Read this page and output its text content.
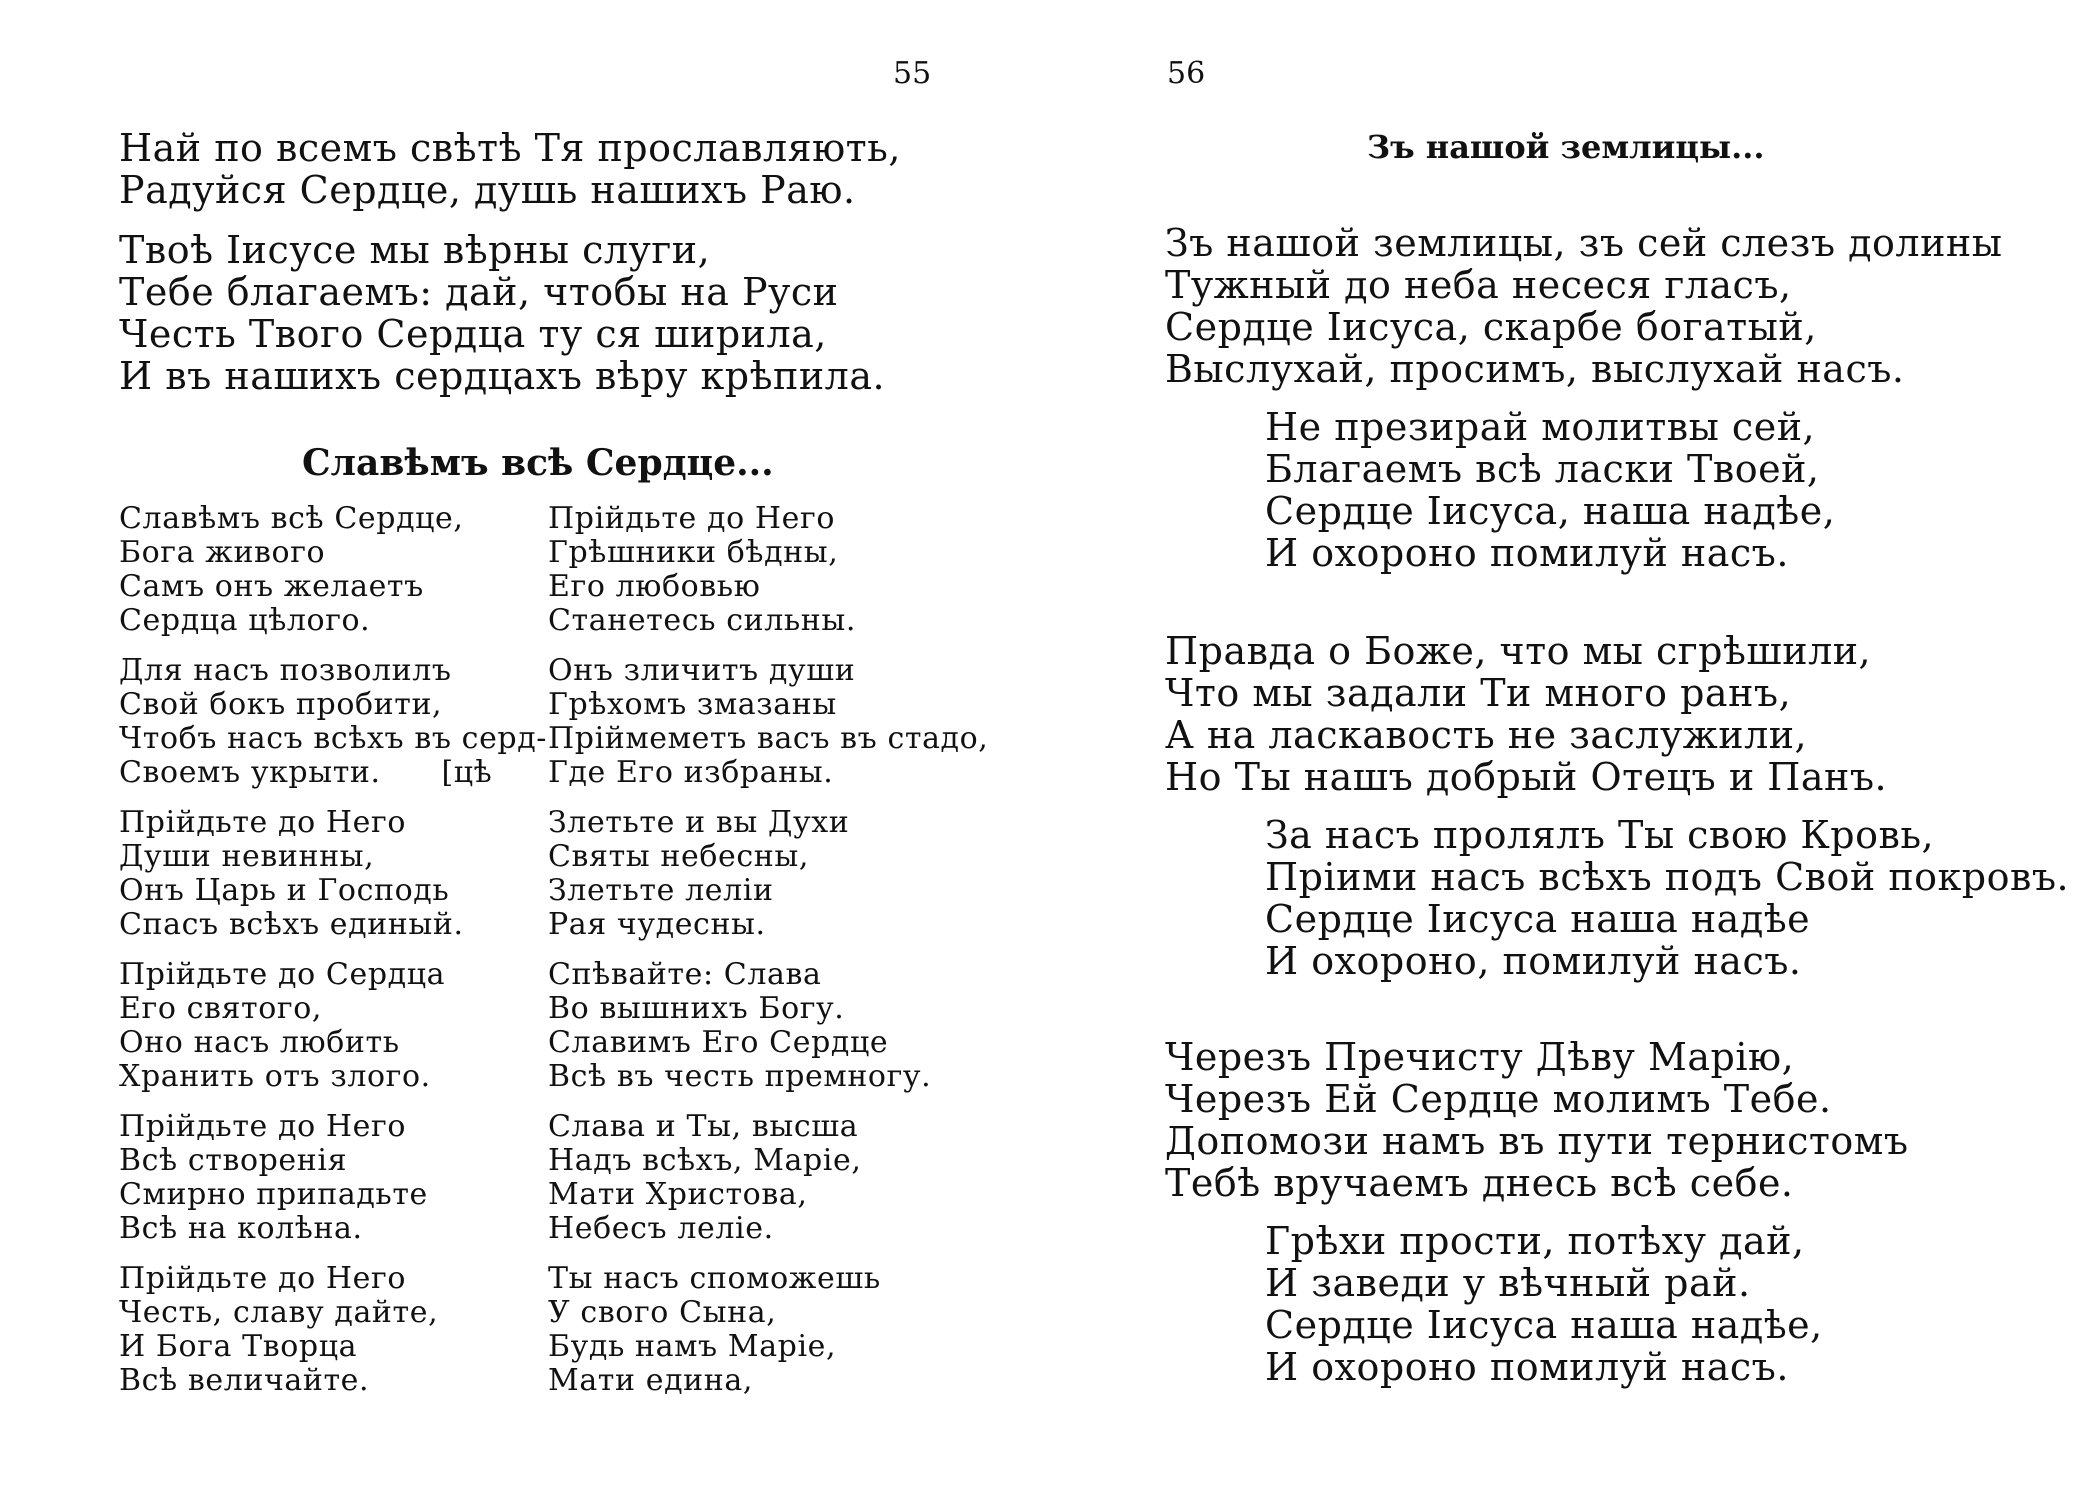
55
Най по всемъ свѣтѣ Тя прославляють,
Радуйся Сердце, душь нашихъ Раю.
Твоѣ Іисусе мы вѣрны слуги,
Тебе благаемъ: дай, чтобы на Руси
Честь Твого Сердца ту ся ширила,
И въ нашихъ сердцахъ вѣру крѣпила.
Славѣмъ всѣ Сердце...
Славѣмъ всѣ Сердце,
Бога живого
Самъ онъ желаетъ
Сердца цѣлого.
Для насъ позволилъ
Свой бокъ пробити,
Чтобъ насъ всѣхъ въ серд-
Своемъ укрыти.      [цѣ
Прійдьте до Него
Души невинны,
Онъ Царь и Господь
Спасъ всѣхъ единый.
Прійдьте до Сердца
Его святого,
Оно насъ любить
Хранить отъ злого.
Прійдьте до Него
Всѣ створенія
Смирно припадьте
Всѣ на колѣна.
Прійдьте до Него
Честь, славу дайте,
И Бога Творца
Всѣ величайте.
Прійдьте до Него
Грѣшники бѣдны,
Его любовью
Станетесь сильны.
Онъ зличитъ души
Грѣхомъ змазаны
Пріймеметъ васъ въ стадо,
Где Его избраны.
Злетьте и вы Духи
Святы небесны,
Злетьте леліи
Рая чудесны.
Спѣвайте: Слава
Во вышнихъ Богу.
Славимъ Его Сердце
Всѣ въ честь премногу.
Слава и Ты, высша
Надъ всѣхъ, Маріе,
Мати Христова,
Небесъ леліе.
Ты насъ споможешь
У свого Сына,
Будь намъ Маріе,
Мати едина,
56
Зъ нашой землицы...
Зъ нашой землицы, зъ сей слезъ долины
Тужный до неба несеся гласъ,
Сердце Іисуса, скарбе богатый,
Выслухай, просимъ, выслухай насъ.
Не презирай молитвы сей,
Благаемъ всѣ ласки Твоей,
Сердце Іисуса, наша надѣе,
И охороно помилуй насъ.
Правда о Боже, что мы сгрѣшили,
Что мы задали Ти много ранъ,
А на ласкавость не заслужили,
Но Ты нашъ добрый Отецъ и Панъ.
За насъ пролялъ Ты свою Кровь,
Пріими насъ всѣхъ подъ Свой покровъ.
Сердце Іисуса наша надѣе
И охороно, помилуй насъ.
Черезъ Пречисту Дѣву Марію,
Черезъ Ей Сердце молимъ Тебе.
Допомози намъ въ пути тернистомъ
Тебѣ вручаемъ днесь всѣ себе.
Грѣхи прости, потѣху дай,
И заведи у вѣчный рай.
Сердце Іисуса наша надѣе,
И охороно помилуй насъ.
